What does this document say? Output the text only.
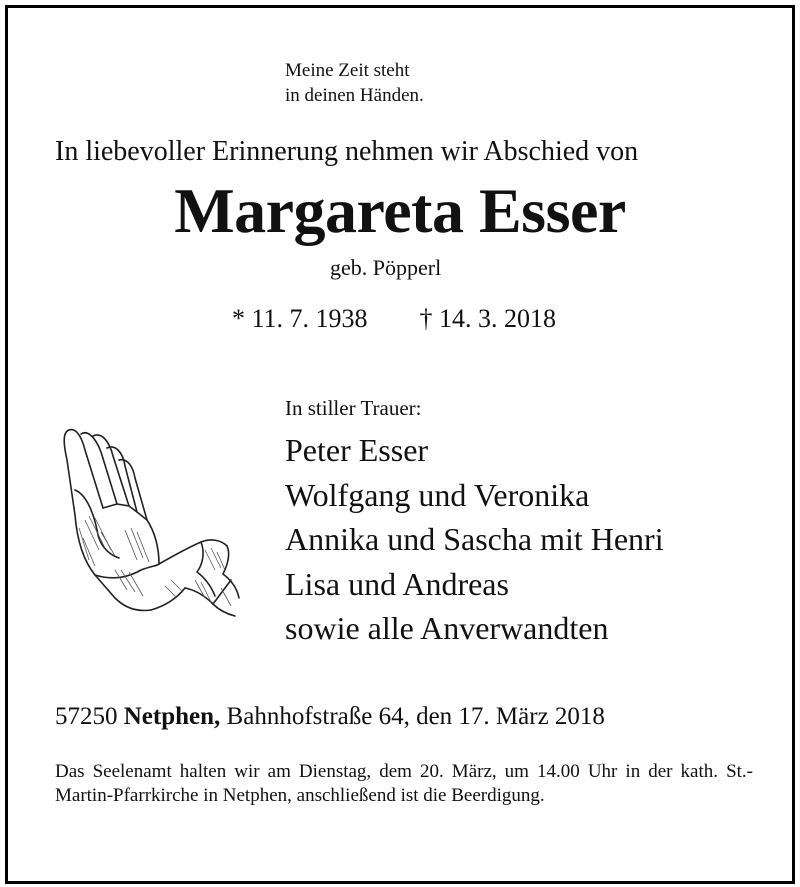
Meine Zeit steht
in deinen Händen.
In liebevoller Erinnerung nehmen wir Abschied von
Margareta Esser
geb. Pöpperl
* 11. 7. 1938 † 14. 3. 2018
In stiller Trauer:
Peter Esser
Wolfgang und Veronika
Annika und Sascha mit Henri
Lisa und Andreas
sowie alle Anverwandten
57250 Netphen, Bahnhofstraße 64, den 17. März 2018
Das Seelenamt halten wir am Dienstag, dem 20. März, um 14.00 Uhr in der kath. St.-Martin-Pfarrkirche in Netphen, anschließend ist die Beerdigung.
